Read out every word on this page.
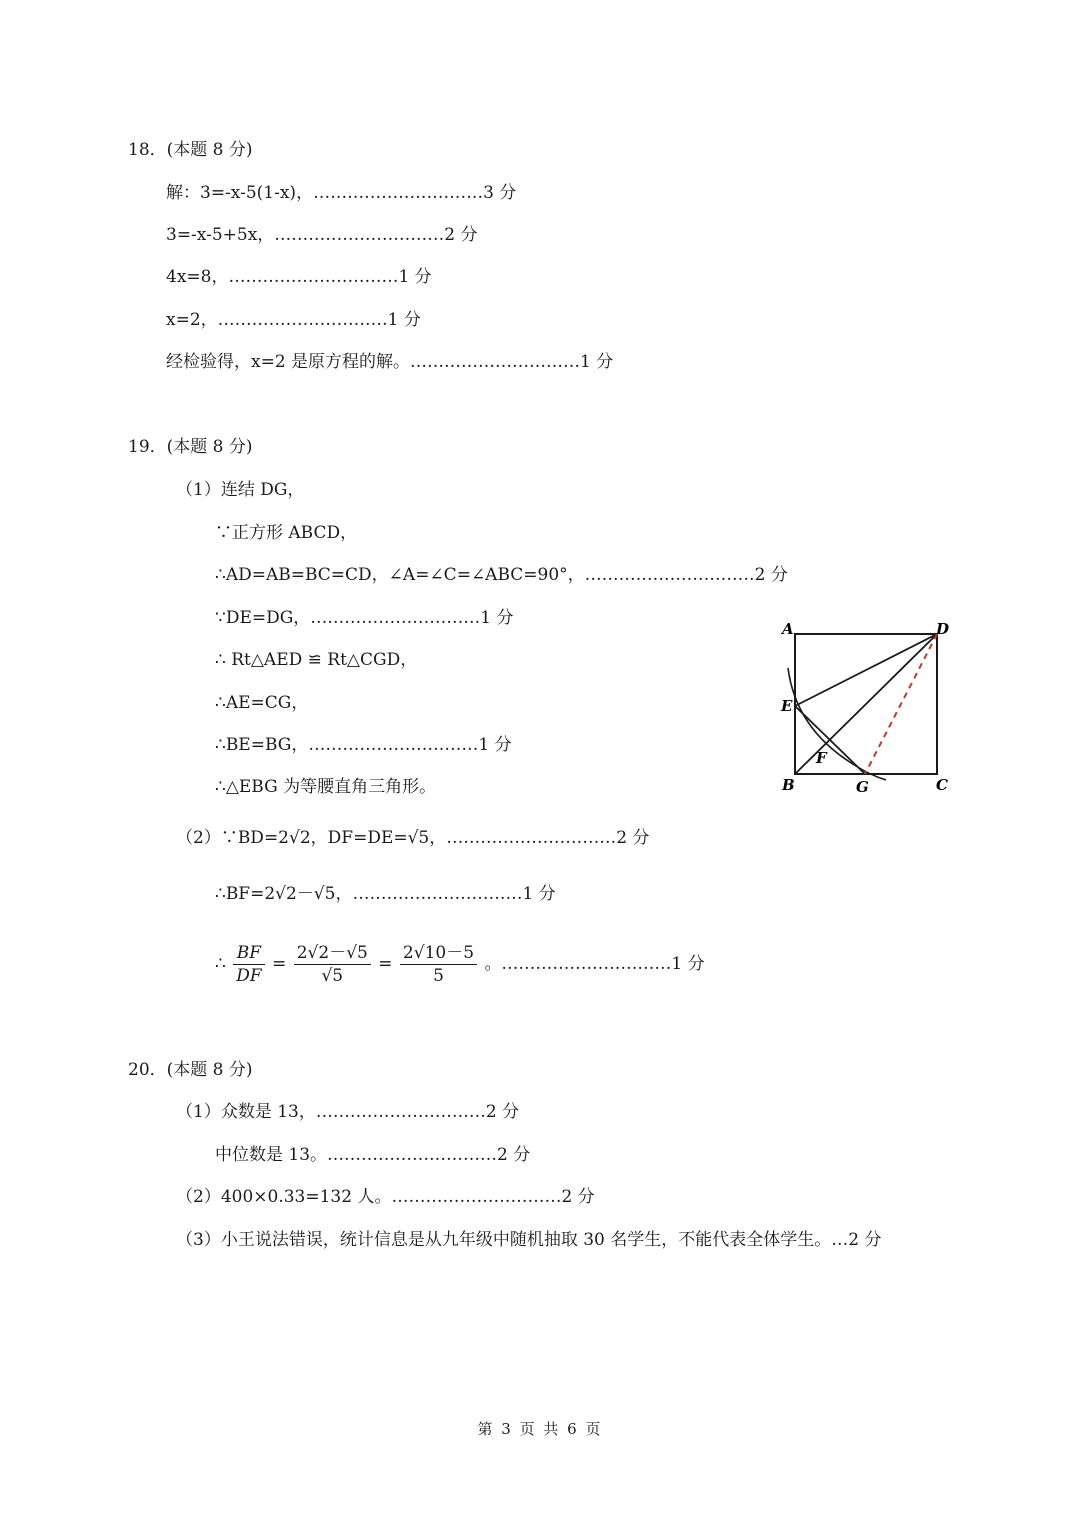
18．(本题 8 分)
解：3=-x-5(1-x)，…………………………3 分
3=-x-5+5x，…………………………2 分
4x=8，…………………………1 分
x=2，…………………………1 分
经检验得，x=2 是原方程的解。…………………………1 分
19．(本题 8 分)
（1）连结 DG，
∵正方形 ABCD，
∴AD=AB=BC=CD，∠A=∠C=∠ABC=90°，…………………………2 分
∵DE=DG，…………………………1 分
∴ Rt△AED ≌ Rt△CGD，
∴AE=CG，
∴BE=BG，…………………………1 分
∴△EBG 为等腰直角三角形。
（2）∵BD=2√2，DF=DE=√5，…………………………2 分
∴BF=2√2－√5，…………………………1 分
∴ $\frac{BF}{DF} = \frac{2√2-√5}{√5} = \frac{2√10-5}{5}$ 。…………………………1 分
A	D
E
F
B	G	C
20．(本题 8 分)
（1）众数是 13，…………………………2 分
中位数是 13。…………………………2 分
（2）400×0.33=132 人。…………………………2 分
（3）小王说法错误，统计信息是从九年级中随机抽取 30 名学生，不能代表全体学生。…2 分
第 3 页 共 6 页
